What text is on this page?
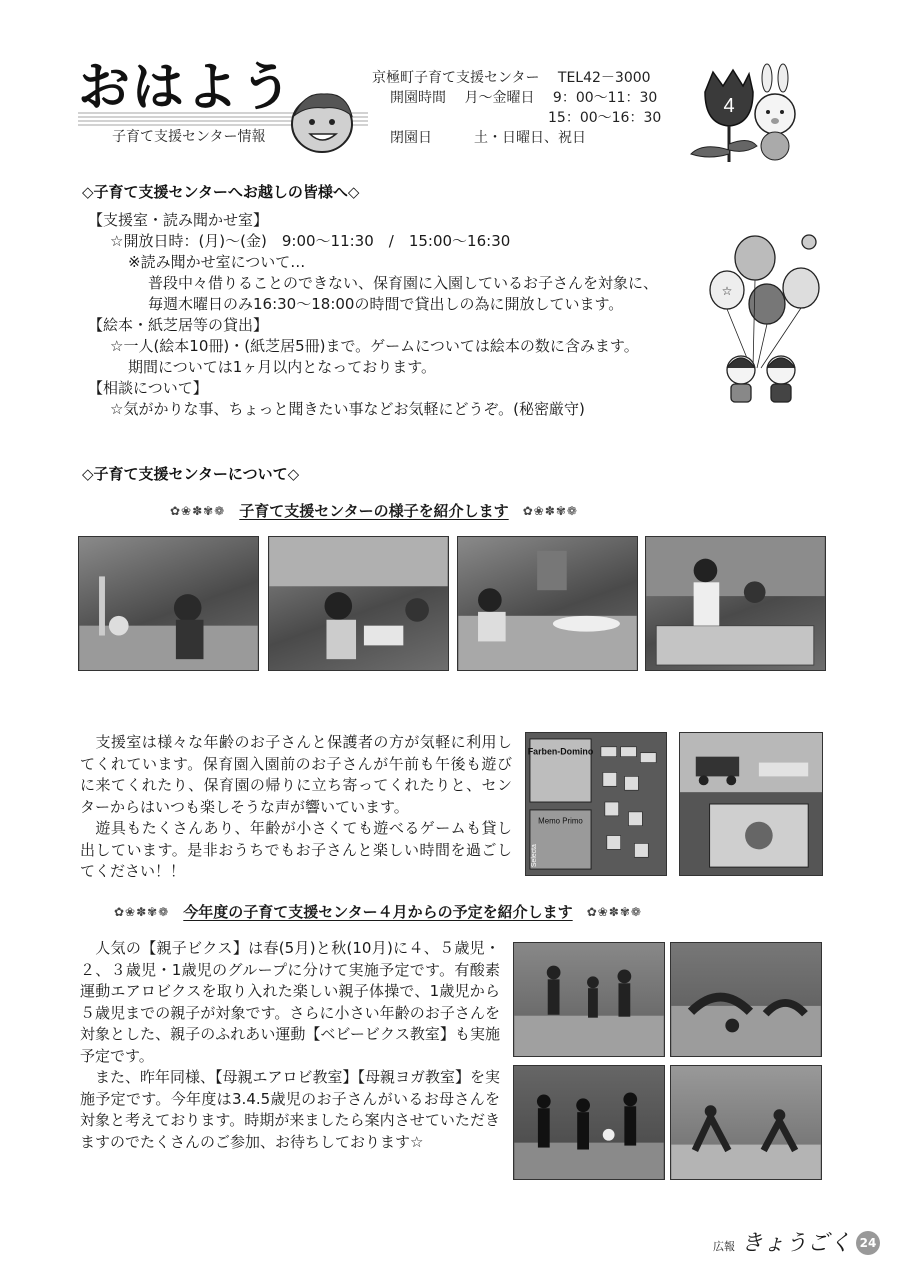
おはよう
子育て支援センター情報
京極町子育て支援センター
　 TEL42－3000
開園時間
　 月～金曜日
　 9：00～11：30
15：00～16：30
閉園日
　　　	土・日曜日、祝日
4
◇子育て支援センターへお越しの皆様へ◇
【支援室・読み聞かせ室】
☆開放日時：(月)～(金)　9:00～11:30　/　15:00～16:30
※読み聞かせ室について…
普段中々借りることのできない、保育園に入園しているお子さんを対象に、
毎週木曜日のみ16:30～18:00の時間で貸出しの為に開放しています。
【絵本・紙芝居等の貸出】
☆一人(絵本10冊)・(紙芝居5冊)まで。ゲームについては絵本の数に含みます。
期間については1ヶ月以内となっております。
【相談について】
☆気がかりな事、ちょっと聞きたい事などお気軽にどうぞ。(秘密厳守)
☆
◇子育て支援センターについて◇
✿❀✽✾❁ 子育て支援センターの様子を紹介します ✿❀✽✾❁

　支援室は様々な年齢のお子さんと保護者の方が気軽に利用してくれています。保育園入園前のお子さんが午前も午後も遊びに来てくれたり、保育園の帰りに立ち寄ってくれたりと、センターからはいつも楽しそうな声が響いています。

　遊具もたくさんあり、年齢が小さくても遊べるゲームも貸し出しています。是非おうちでもお子さんと楽しい時間を過ごしてください！！

Farben-Domino
Memo Primo
Selecta
✿❀✽✾❁ 今年度の子育て支援センター４月からの予定を紹介します ✿❀✽✾❁

　人気の【親子ビクス】は春(5月)と秋(10月)に４、５歳児・２、３歳児・1歳児のグループに分けて実施予定です。有酸素運動エアロビクスを取り入れた楽しい親子体操で、1歳児から５歳児までの親子が対象です。さらに小さい年齢のお子さんを対象とした、親子のふれあい運動【ベビービクス教室】も実施予定です。

　また、昨年同様、【母親エアロビ教室】【母親ヨガ教室】を実施予定です。今年度は3.4.5歳児のお子さんがいるお母さんを対象と考えております。時期が来ましたら案内させていただきますのでたくさんのご参加、お待ちしております☆

広報 きょうごく 24
